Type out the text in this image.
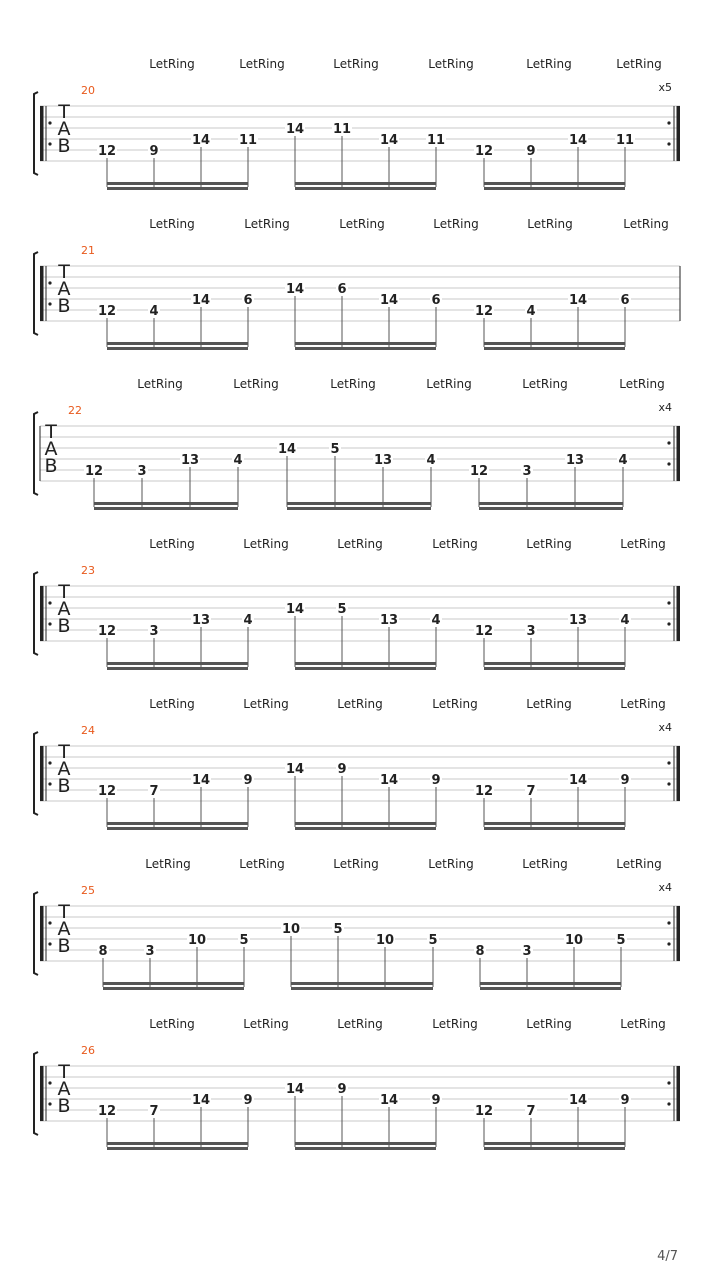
LetRing	LetRing	LetRing	LetRing	LetRing	LetRing
20	x5
T
A
B 12	9
14 11
14 11
14 11
12	9
14 11
LetRing	LetRing	LetRing	LetRing	LetRing	LetRing
21
T
A
B 12	4
14	6
14	6
14	6
12	4
14	6
LetRing	LetRing	LetRing	LetRing	LetRing	LetRing
22	x4
T
A
B 12	3
13	4
14	5
13	4
12	3
13	4
LetRing	LetRing	LetRing	LetRing	LetRing	LetRing
23
T
A
B 12	3
13	4
14	5
13	4
12	3
13	4
LetRing	LetRing	LetRing	LetRing	LetRing	LetRing
24	x4
T
A
B 12	7
14	9
14	9
14	9
12	7
14	9
LetRing	LetRing	LetRing	LetRing	LetRing	LetRing
25	x4
T
A
B 8	3
10	5
10	5
10	5
8	3
10	5
LetRing	LetRing	LetRing	LetRing	LetRing	LetRing
26
T
A
B 12	7
14	9
14	9
14	9
12	7
14	9
4/7
